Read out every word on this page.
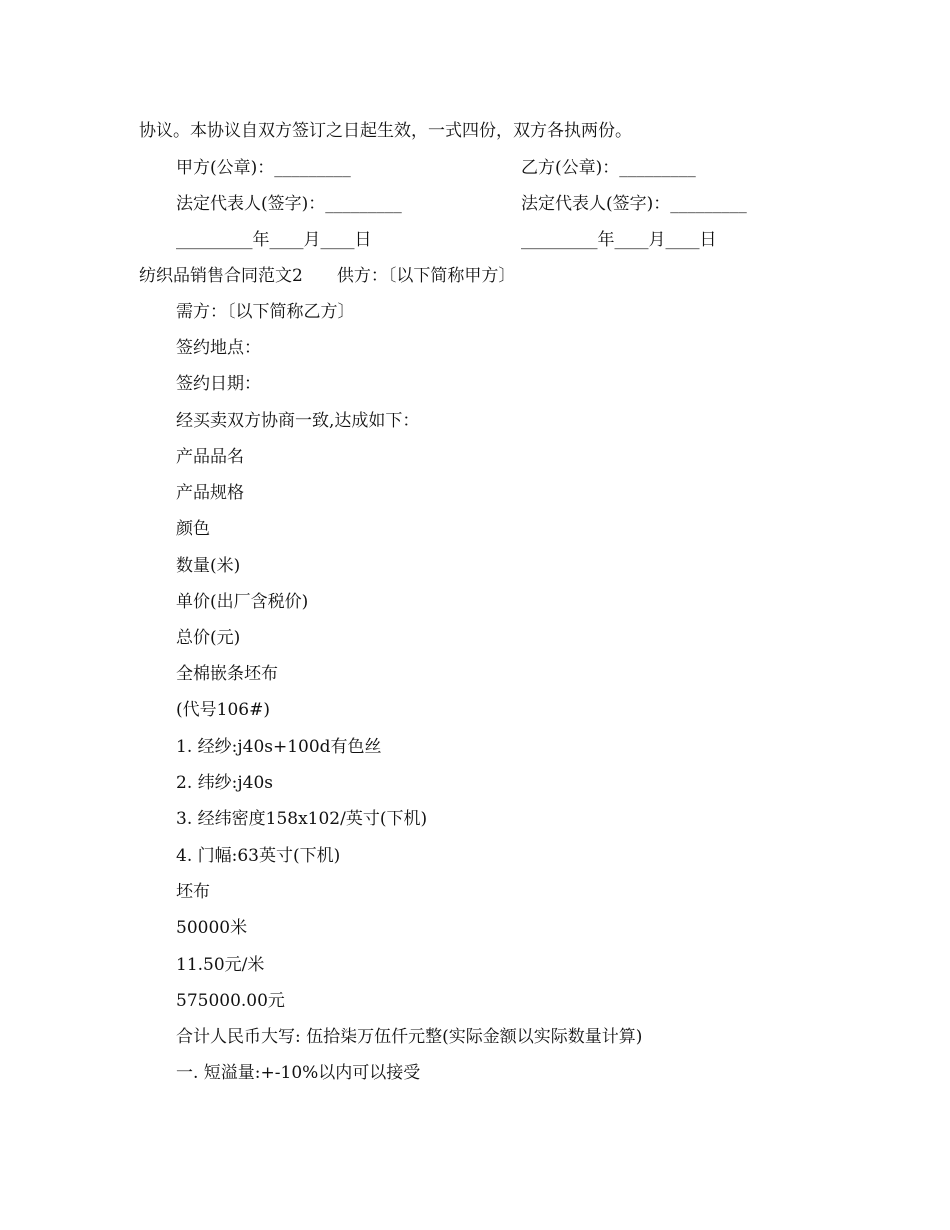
协议。本协议自双方签订之日起生效，一式四份，双方各执两份。
甲方(公章)：_________	乙方(公章)：_________
法定代表人(签字)：_________	法定代表人(签字)：_________
_________年____月____日	_________年____月____日
纺织品销售合同范文2　　供方：〔以下简称甲方〕
需方：〔以下简称乙方〕
签约地点：
签约日期：
经买卖双方协商一致,达成如下：
产品品名
产品规格
颜色
数量(米)
单价(出厂含税价)
总价(元)
全棉嵌条坯布
(代号106#)
1. 经纱:j40s+100d有色丝
2. 纬纱:j40s
3. 经纬密度158x102/英寸(下机)
4. 门幅:63英寸(下机)
坯布
50000米
11.50元/米
575000.00元
合计人民币大写: 伍拾柒万伍仟元整(实际金额以实际数量计算)
一. 短溢量:+-10%以内可以接受
